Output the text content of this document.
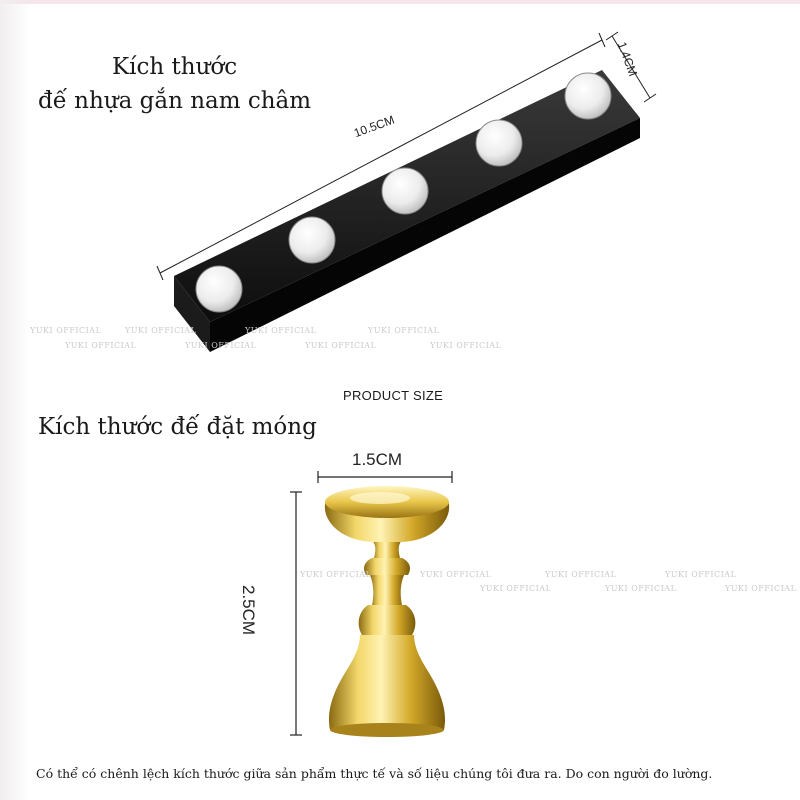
Kích thước
đế nhựa gắn nam châm
10.5CM
1.4CM
YUKI OFFICIAL
YUKI OFFICIAL
YUKI OFFICIAL
YUKI OFFICIAL
YUKI OFFICIAL
YUKI OFFICIAL
YUKI OFFICIAL
YUKI OFFICIAL
PRODUCT SIZE
Kích thước đế đặt móng
1.5CM
2.5CM
YUKI OFFICIAL	YUKI OFFICIAL
YUKI OFFICIAL
YUKI OFFICIAL
YUKI OFFICIAL
YUKI OFFICIAL
YUKI OFFICIAL
Có thể có chênh lệch kích thước giữa sản phẩm thực tế và số liệu chúng tôi đưa ra. Do con người đo lường.
